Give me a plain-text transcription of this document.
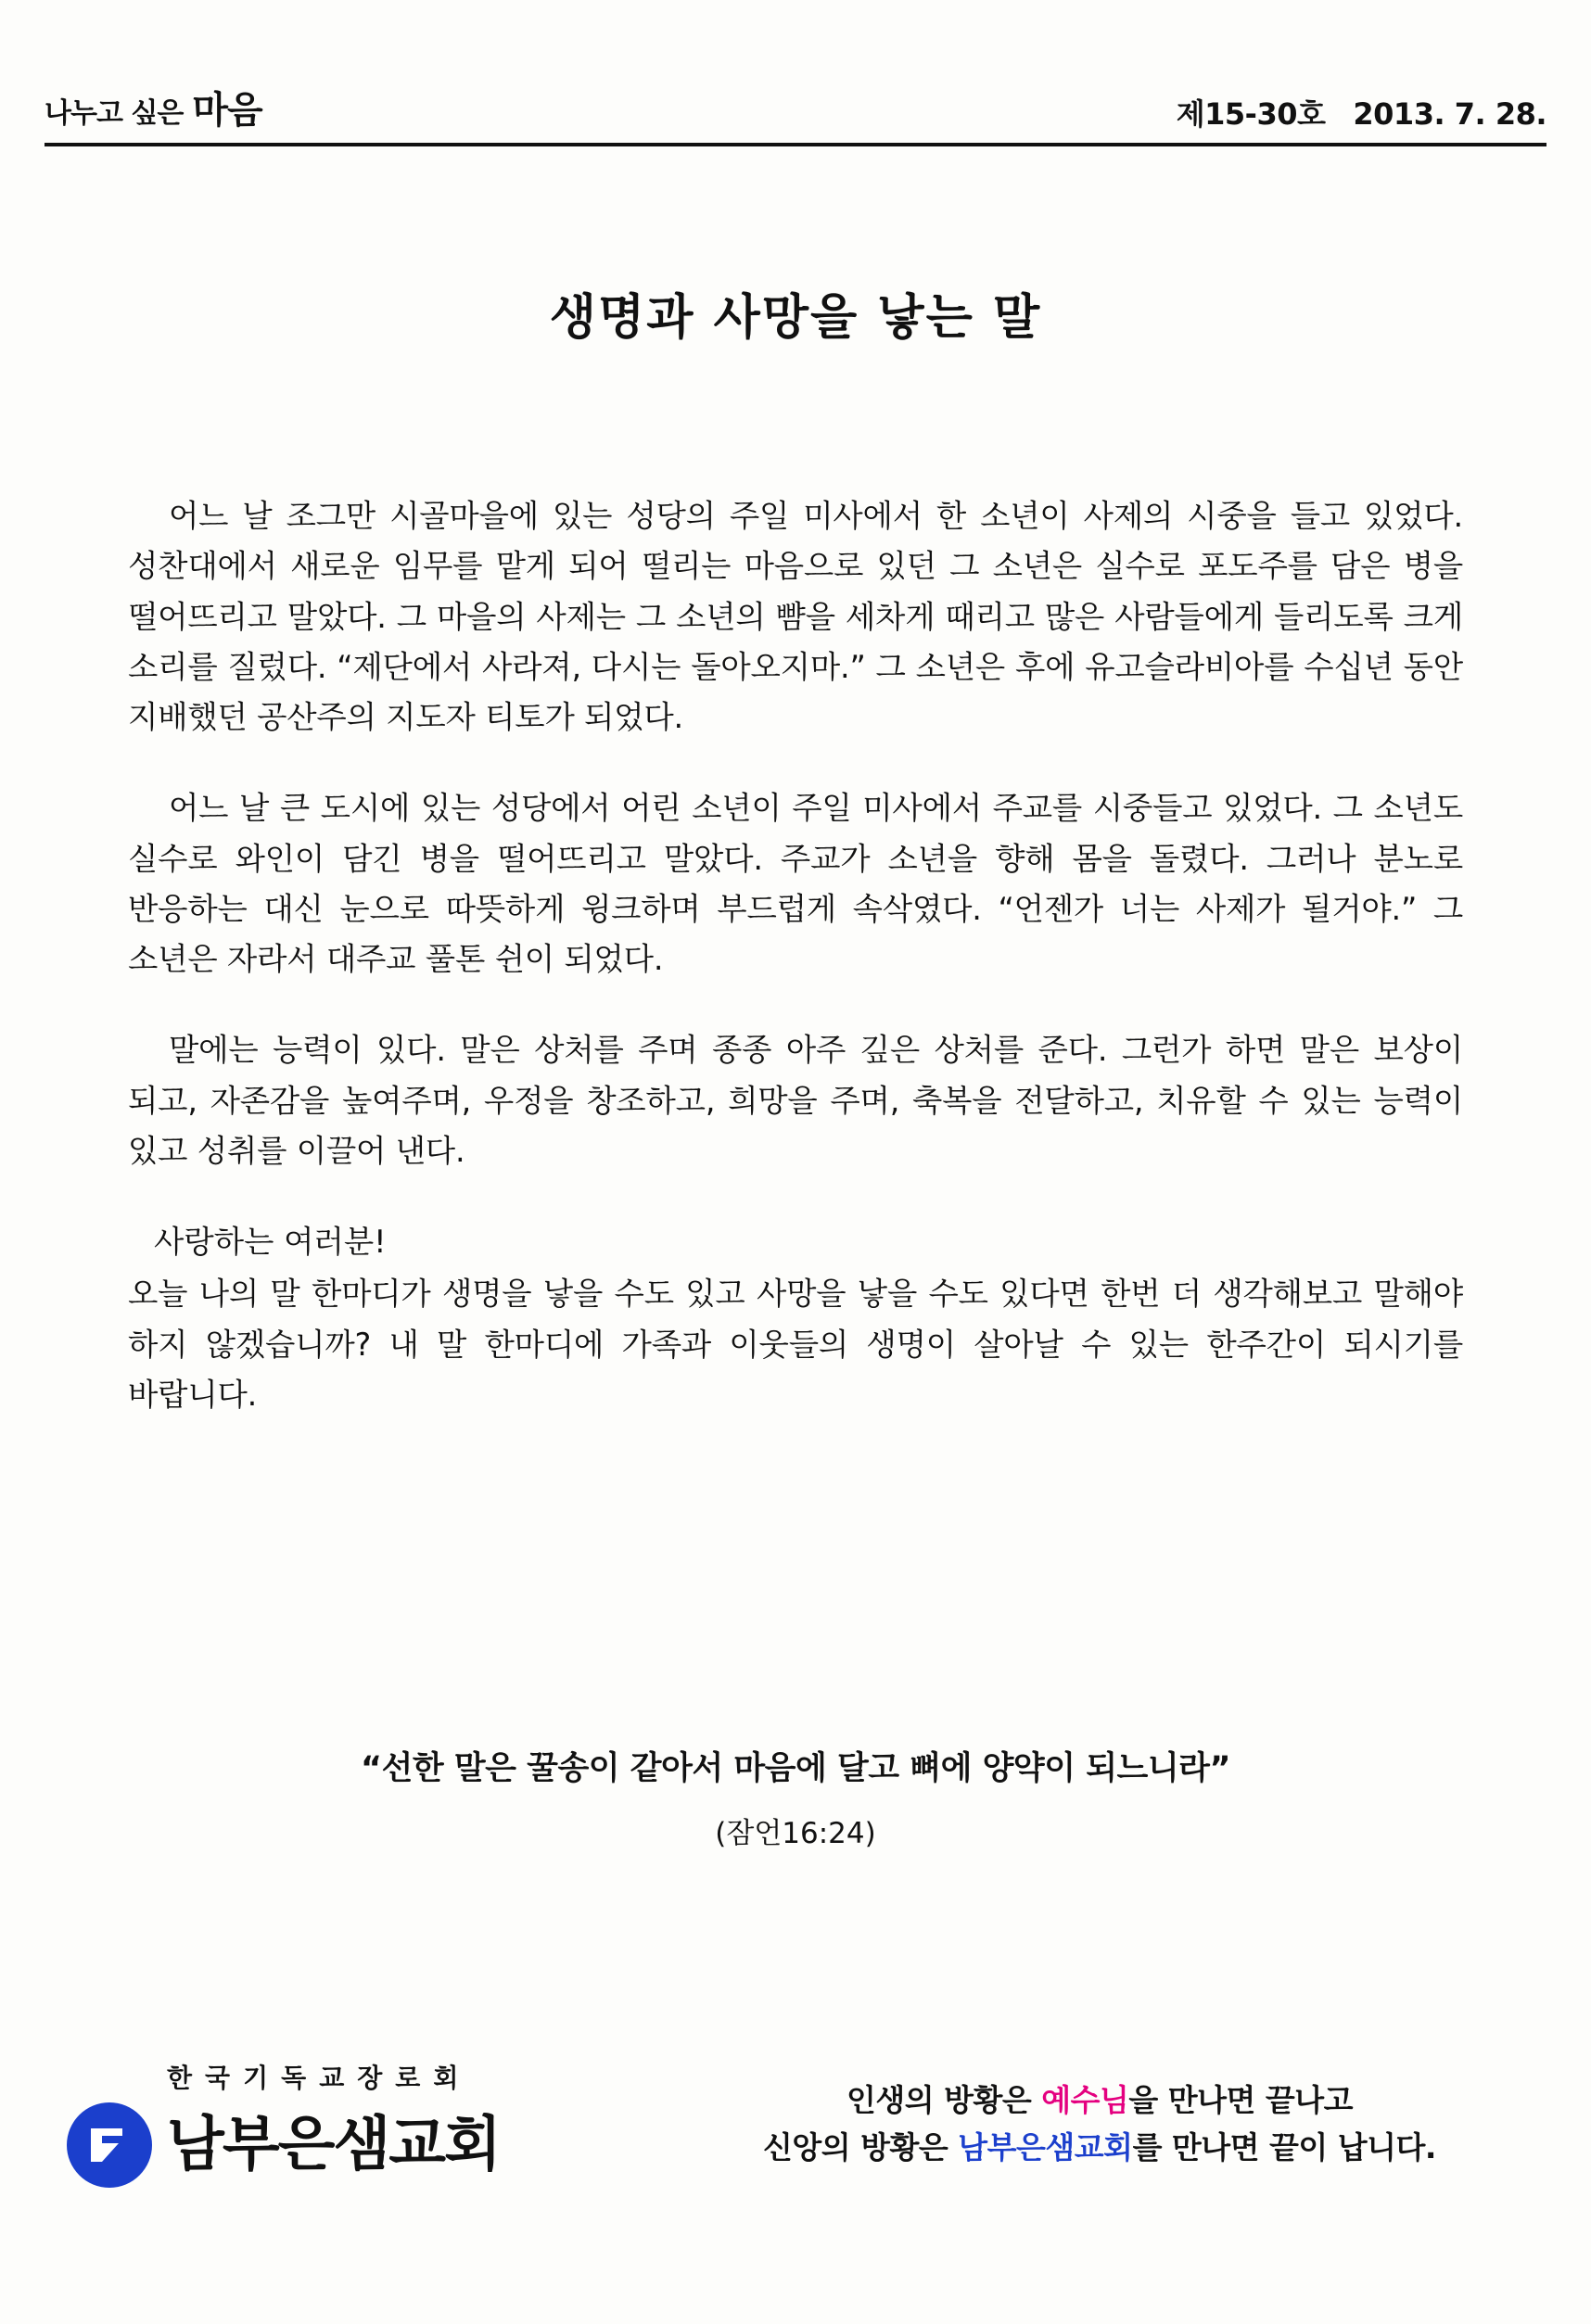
나누고 싶은 마음	제15-30호 2013. 7. 28.
생명과 사망을 낳는 말

어느 날 조그만 시골마을에 있는 성당의 주일 미사에서 한 소년이 사제의 시중을 들고 있었다. 성찬대에서 새로운 임무를 맡게 되어 떨리는 마음으로 있던 그 소년은 실수로 포도주를 담은 병을 떨어뜨리고 말았다. 그 마을의 사제는 그 소년의 뺨을 세차게 때리고 많은 사람들에게 들리도록 크게 소리를 질렀다. “제단에서 사라져, 다시는 돌아오지마.” 그 소년은 후에 유고슬라비아를 수십년 동안 지배했던 공산주의 지도자 티토가 되었다.

어느 날 큰 도시에 있는 성당에서 어린 소년이 주일 미사에서 주교를 시중들고 있었다. 그 소년도 실수로 와인이 담긴 병을 떨어뜨리고 말았다. 주교가 소년을 향해 몸을 돌렸다. 그러나 분노로 반응하는 대신 눈으로 따뜻하게 윙크하며 부드럽게 속삭였다. “언젠가 너는 사제가 될거야.” 그 소년은 자라서 대주교 풀톤 쉰이 되었다.

말에는 능력이 있다. 말은 상처를 주며 종종 아주 깊은 상처를 준다. 그런가 하면 말은 보상이 되고, 자존감을 높여주며, 우정을 창조하고, 희망을 주며, 축복을 전달하고, 치유할 수 있는 능력이 있고 성취를 이끌어 낸다.

사랑하는 여러분!

오늘 나의 말 한마디가 생명을 낳을 수도 있고 사망을 낳을 수도 있다면 한번 더 생각해보고 말해야 하지 않겠습니까? 내 말 한마디에 가족과 이웃들의 생명이 살아날 수 있는 한주간이 되시기를 바랍니다.

“선한 말은 꿀송이 같아서 마음에 달고 뼈에 양약이 되느니라”
(잠언16:24)
한국기독교장로회
남부은샘교회
인생의 방황은 예수님을 만나면 끝나고
신앙의 방황은 남부은샘교회를 만나면 끝이 납니다.
